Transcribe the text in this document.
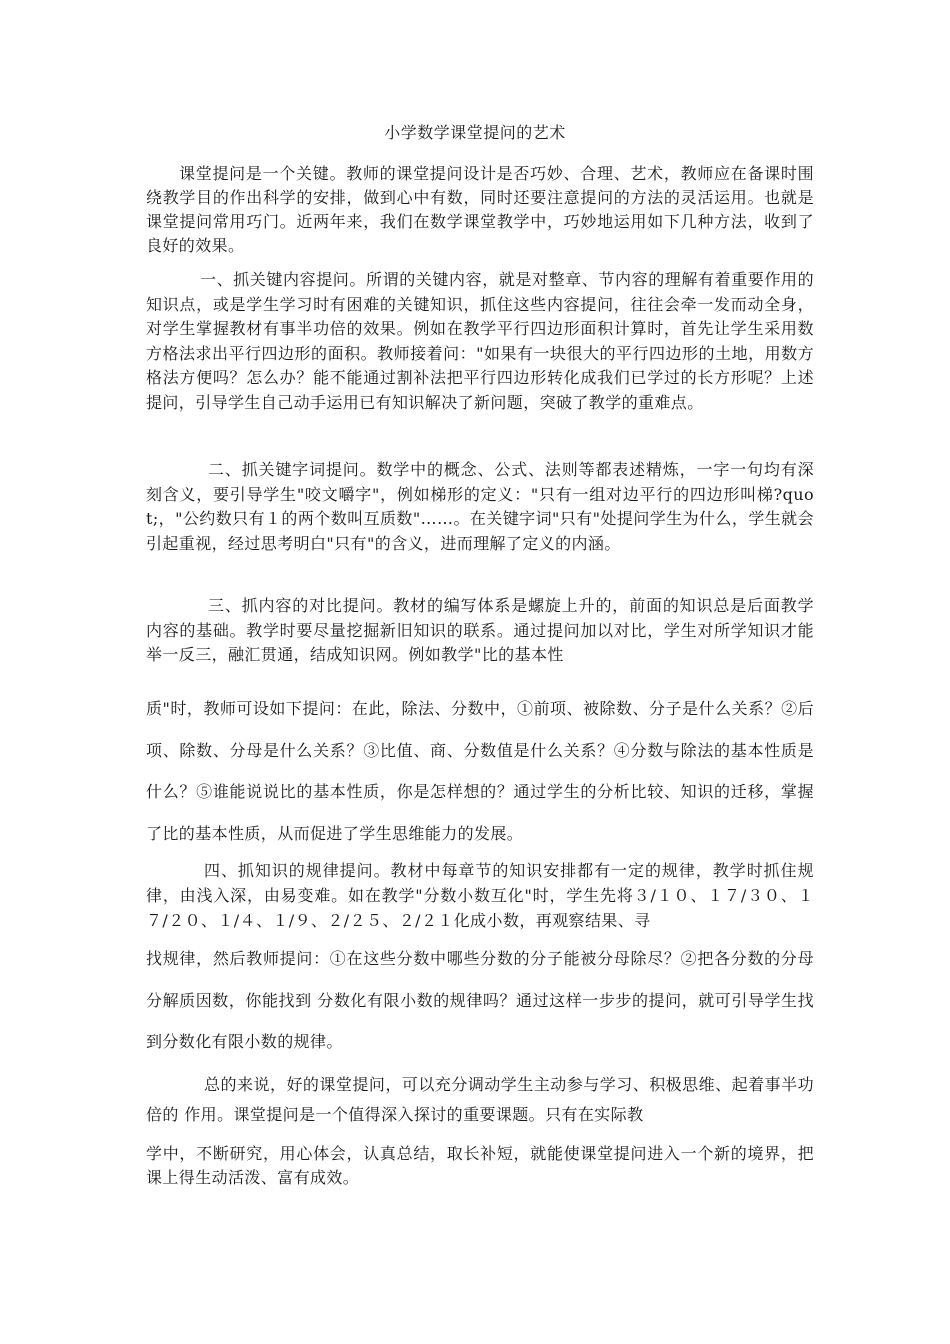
小学数学课堂提问的艺术
课堂提问是一个关键。教师的课堂提问设计是否巧妙、合理、艺术，教师应在备课时围绕教学目的作出科学的安排，做到心中有数，同时还要注意提问的方法的灵活运用。也就是课堂提问常用巧门。近两年来，我们在数学课堂教学中，巧妙地运用如下几种方法，收到了良好的效果。
一、抓关键内容提问。所谓的关键内容，就是对整章、节内容的理解有着重要作用的知识点，或是学生学习时有困难的关键知识，抓住这些内容提问，往往会牵一发而动全身，对学生掌握教材有事半功倍的效果。例如在教学平行四边形面积计算时，首先让学生采用数方格法求出平行四边形的面积。教师接着问："如果有一块很大的平行四边形的土地，用数方格法方便吗？怎么办？能不能通过割补法把平行四边形转化成我们已学过的长方形呢？上述提问，引导学生自己动手运用已有知识解决了新问题，突破了教学的重难点。
二、抓关键字词提问。数学中的概念、公式、法则等都表述精炼，一字一句均有深刻含义，要引导学生"咬文嚼字"，例如梯形的定义："只有一组对边平行的四边形叫梯?quot;，"公约数只有１的两个数叫互质数"……。在关键字词"只有"处提问学生为什么，学生就会引起重视，经过思考明白"只有"的含义，进而理解了定义的内涵。
三、抓内容的对比提问。教材的编写体系是螺旋上升的，前面的知识总是后面教学内容的基础。教学时要尽量挖掘新旧知识的联系。通过提问加以对比，学生对所学知识才能举一反三，融汇贯通，结成知识网。例如教学"比的基本性
质"时，教师可设如下提问：在此，除法、分数中，①前项、被除数、分子是什么关系？②后项、除数、分母是什么关系？③比值、商、分数值是什么关系？④分数与除法的基本性质是什么？⑤谁能说说比的基本性质，你是怎样想的？通过学生的分析比较、知识的迁移，掌握了比的基本性质，从而促进了学生思维能力的发展。
四、抓知识的规律提问。教材中每章节的知识安排都有一定的规律，教学时抓住规律，由浅入深，由易变难。如在教学"分数小数互化"时，学生先将３/１０、１７/３０、１７/２０、１/４、１/９、２/２５、２/２１化成小数，再观察结果、寻
找规律，然后教师提问：①在这些分数中哪些分数的分子能被分母除尽？②把各分数的分母分解质因数，你能找到 分数化有限小数的规律吗？通过这样一步步的提问，就可引导学生找到分数化有限小数的规律。
总的来说，好的课堂提问，可以充分调动学生主动参与学习、积极思维、起着事半功倍的 作用。课堂提问是一个值得深入探讨的重要课题。只有在实际教
学中，不断研究，用心体会，认真总结，取长补短，就能使课堂提问进入一个新的境界，把课上得生动活泼、富有成效。
